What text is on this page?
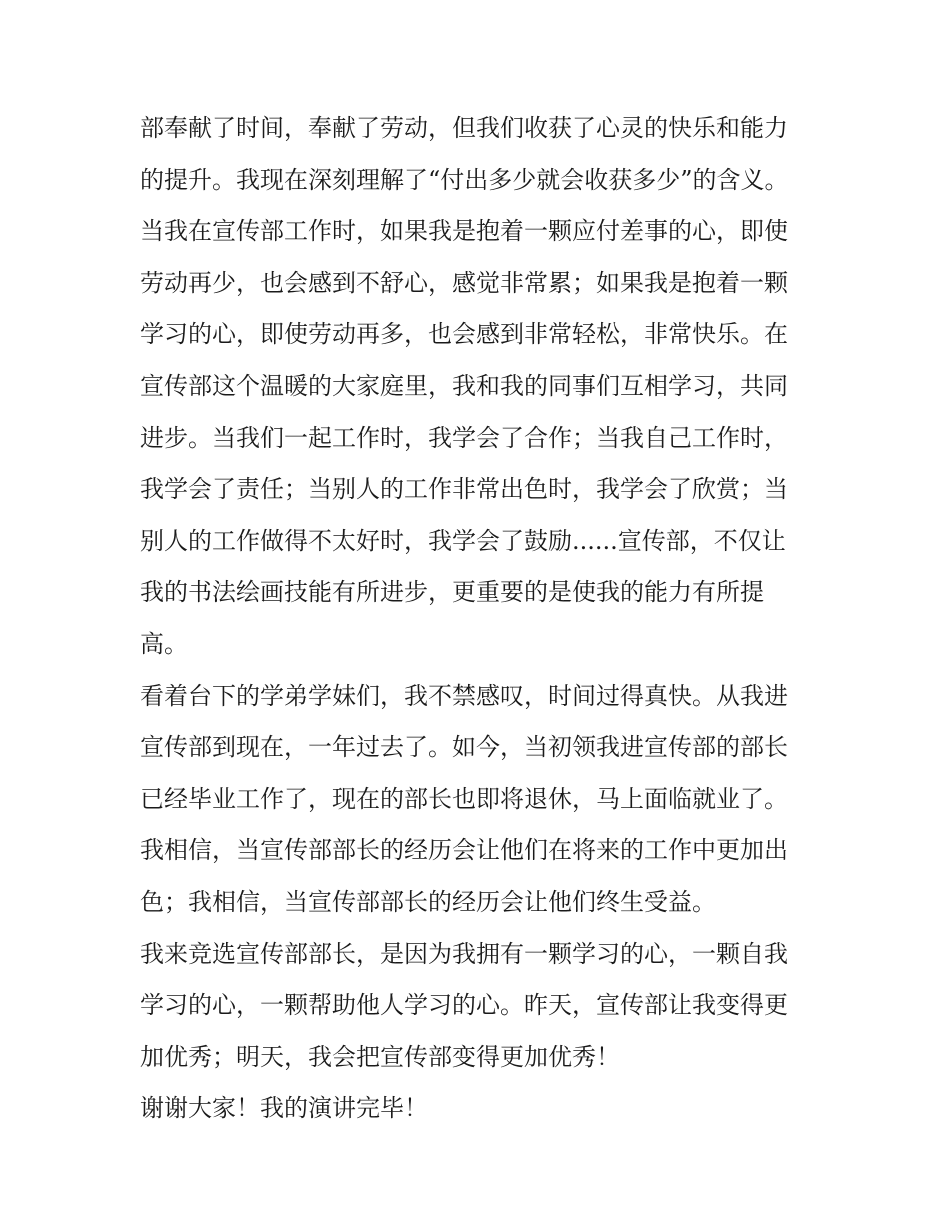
部奉献了时间，奉献了劳动，但我们收获了心灵的快乐和能力
的提升。我现在深刻理解了“付出多少就会收获多少”的含义。
当我在宣传部工作时，如果我是抱着一颗应付差事的心，即使
劳动再少，也会感到不舒心，感觉非常累；如果我是抱着一颗
学习的心，即使劳动再多，也会感到非常轻松，非常快乐。在
宣传部这个温暖的大家庭里，我和我的同事们互相学习，共同
进步。当我们一起工作时，我学会了合作；当我自己工作时，
我学会了责任；当别人的工作非常出色时，我学会了欣赏；当
别人的工作做得不太好时，我学会了鼓励......宣传部，不仅让
我的书法绘画技能有所进步，更重要的是使我的能力有所提
高。
看着台下的学弟学妹们，我不禁感叹，时间过得真快。从我进
宣传部到现在，一年过去了。如今，当初领我进宣传部的部长
已经毕业工作了，现在的部长也即将退休，马上面临就业了。
我相信，当宣传部部长的经历会让他们在将来的工作中更加出
色；我相信，当宣传部部长的经历会让他们终生受益。
我来竞选宣传部部长，是因为我拥有一颗学习的心，一颗自我
学习的心，一颗帮助他人学习的心。昨天，宣传部让我变得更
加优秀；明天，我会把宣传部变得更加优秀！
谢谢大家！我的演讲完毕！
